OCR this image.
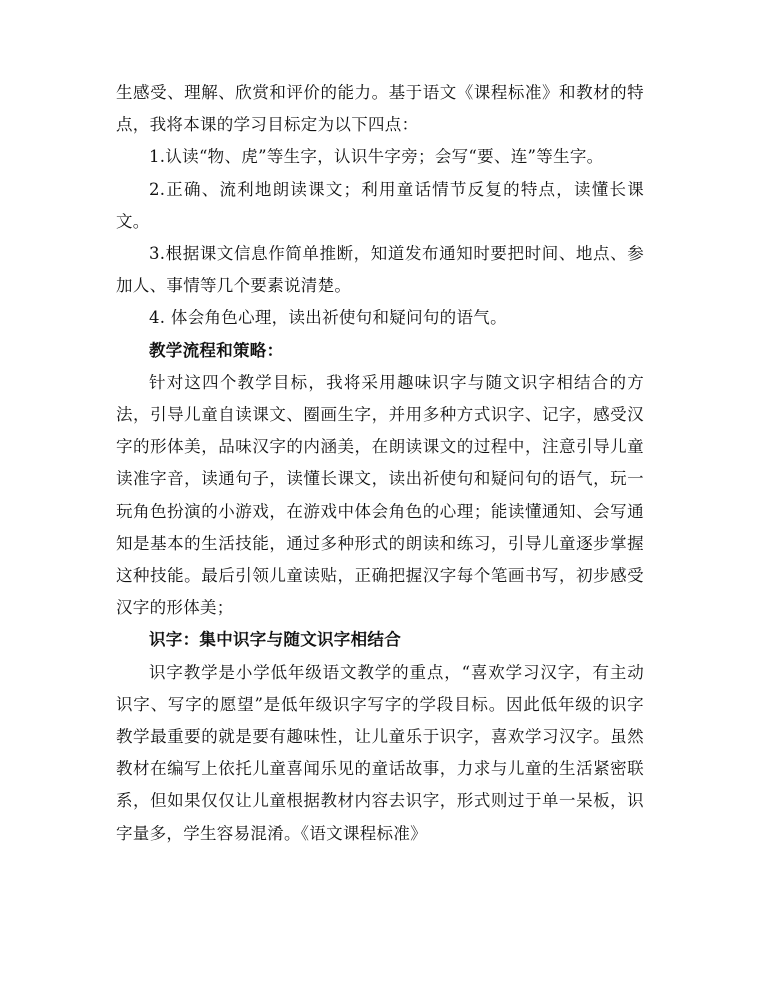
生感受、理解、欣赏和评价的能力。基于语文《课程标准》和教材的特点，我将本课的学习目标定为以下四点：

1.认读“物、虎”等生字，认识牛字旁；会写“要、连”等生字。

2.正确、流利地朗读课文；利用童话情节反复的特点，读懂长课文。

3.根据课文信息作简单推断，知道发布通知时要把时间、地点、参加人、事情等几个要素说清楚。

4. 体会角色心理，读出祈使句和疑问句的语气。

教学流程和策略：

针对这四个教学目标，我将采用趣味识字与随文识字相结合的方法，引导儿童自读课文、圈画生字，并用多种方式识字、记字，感受汉字的形体美，品味汉字的内涵美，在朗读课文的过程中，注意引导儿童读准字音，读通句子，读懂长课文，读出祈使句和疑问句的语气，玩一玩角色扮演的小游戏，在游戏中体会角色的心理；能读懂通知、会写通知是基本的生活技能，通过多种形式的朗读和练习，引导儿童逐步掌握这种技能。最后引领儿童读贴，正确把握汉字每个笔画书写，初步感受汉字的形体美；

识字：集中识字与随文识字相结合

识字教学是小学低年级语文教学的重点，“喜欢学习汉字，有主动识字、写字的愿望”是低年级识字写字的学段目标。因此低年级的识字教学最重要的就是要有趣味性，让儿童乐于识字，喜欢学习汉字。虽然教材在编写上依托儿童喜闻乐见的童话故事，力求与儿童的生活紧密联系，但如果仅仅让儿童根据教材内容去识字，形式则过于单一呆板，识字量多，学生容易混淆。《语文课程标准》
